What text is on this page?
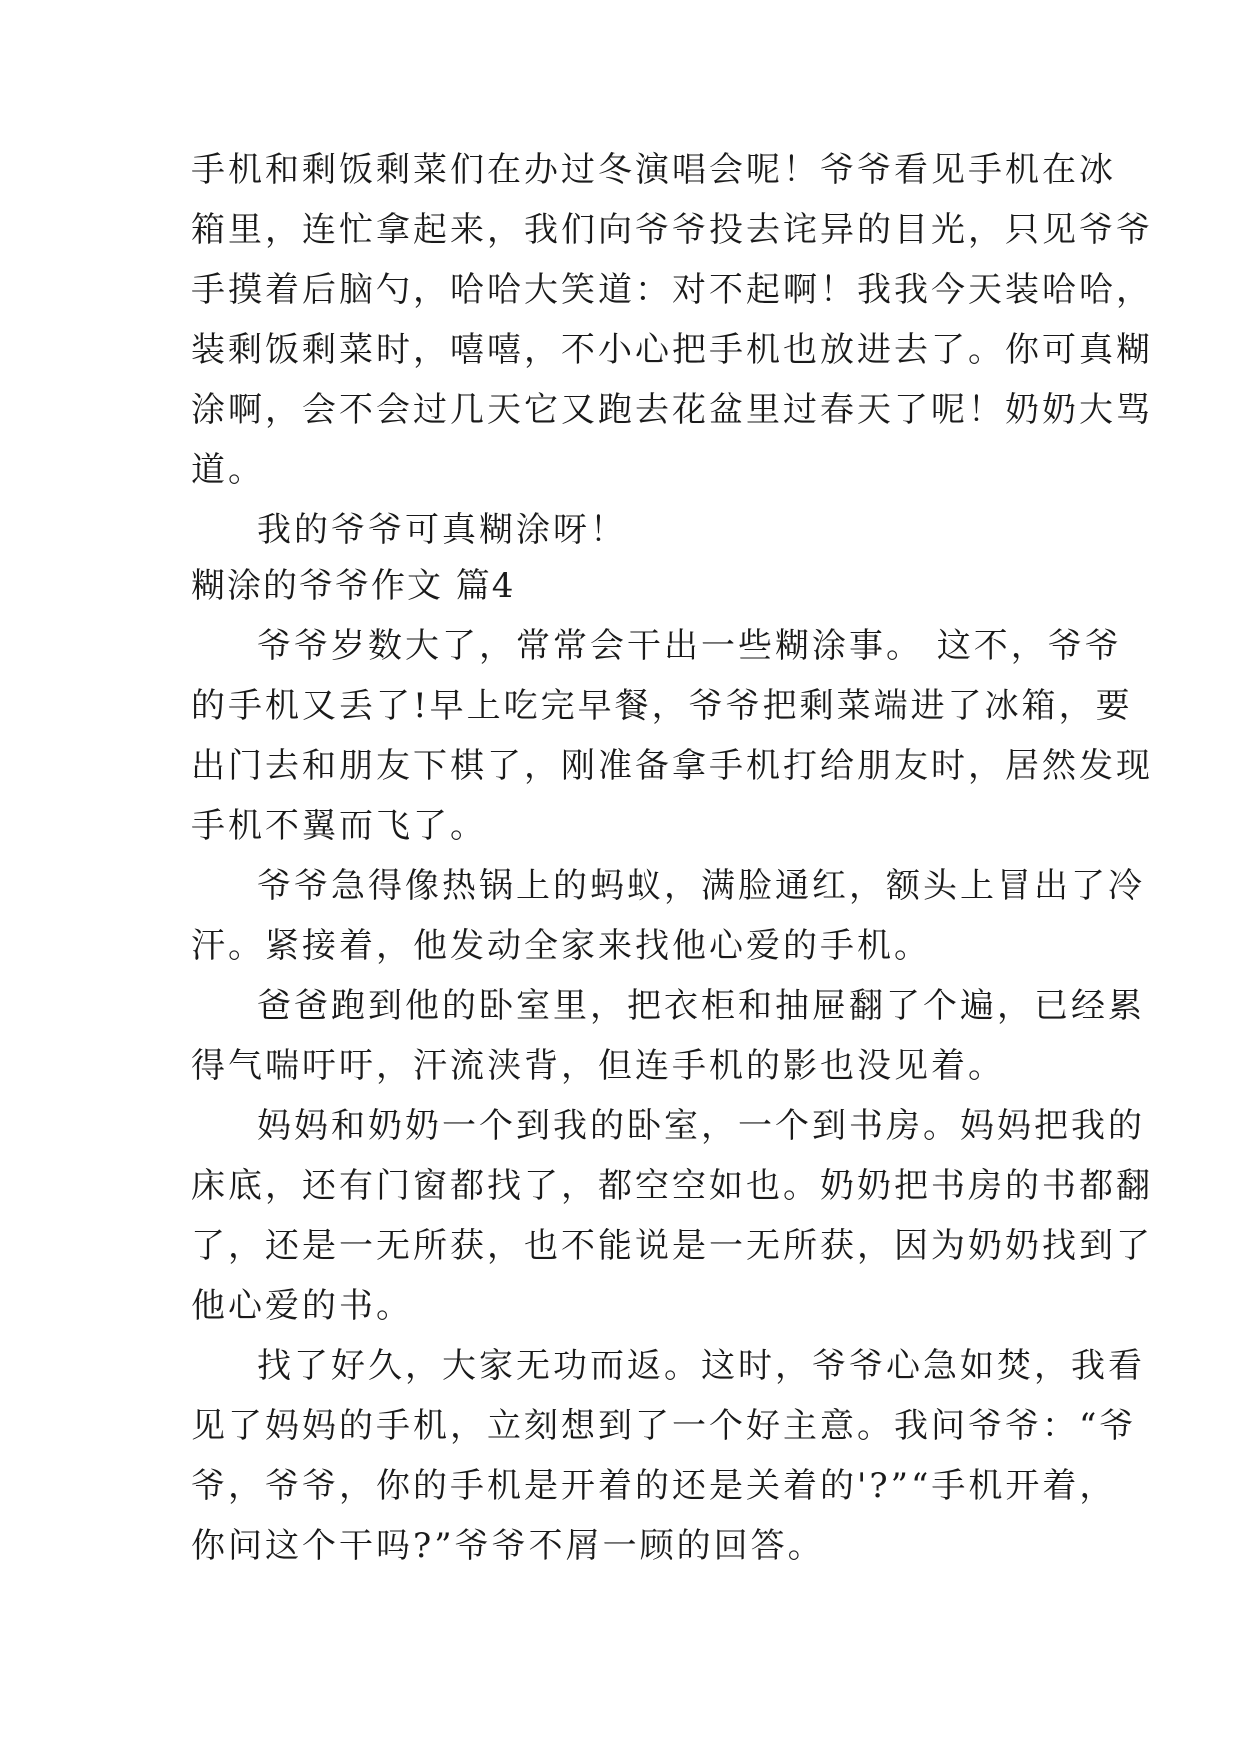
手机和剩饭剩菜们在办过冬演唱会呢！爷爷看见手机在冰
箱里，连忙拿起来，我们向爷爷投去诧异的目光，只见爷爷
手摸着后脑勺，哈哈大笑道：对不起啊！我我今天装哈哈，
装剩饭剩菜时，嘻嘻，不小心把手机也放进去了。你可真糊
涂啊，会不会过几天它又跑去花盆里过春天了呢！奶奶大骂
道。
我的爷爷可真糊涂呀！
糊涂的爷爷作文 篇4
爷爷岁数大了，常常会干出一些糊涂事。 这不，爷爷
的手机又丢了!早上吃完早餐，爷爷把剩菜端进了冰箱，要
出门去和朋友下棋了，刚准备拿手机打给朋友时，居然发现
手机不翼而飞了。
爷爷急得像热锅上的蚂蚁，满脸通红，额头上冒出了冷
汗。紧接着，他发动全家来找他心爱的手机。
爸爸跑到他的卧室里，把衣柜和抽屉翻了个遍，已经累
得气喘吁吁，汗流浃背，但连手机的影也没见着。
妈妈和奶奶一个到我的卧室，一个到书房。妈妈把我的
床底，还有门窗都找了，都空空如也。奶奶把书房的书都翻
了，还是一无所获，也不能说是一无所获，因为奶奶找到了
他心爱的书。
找了好久，大家无功而返。这时，爷爷心急如焚，我看
见了妈妈的手机，立刻想到了一个好主意。我问爷爷：“爷
爷，爷爷，你的手机是开着的还是关着的'?”“手机开着，
你问这个干吗?”爷爷不屑一顾的回答。
